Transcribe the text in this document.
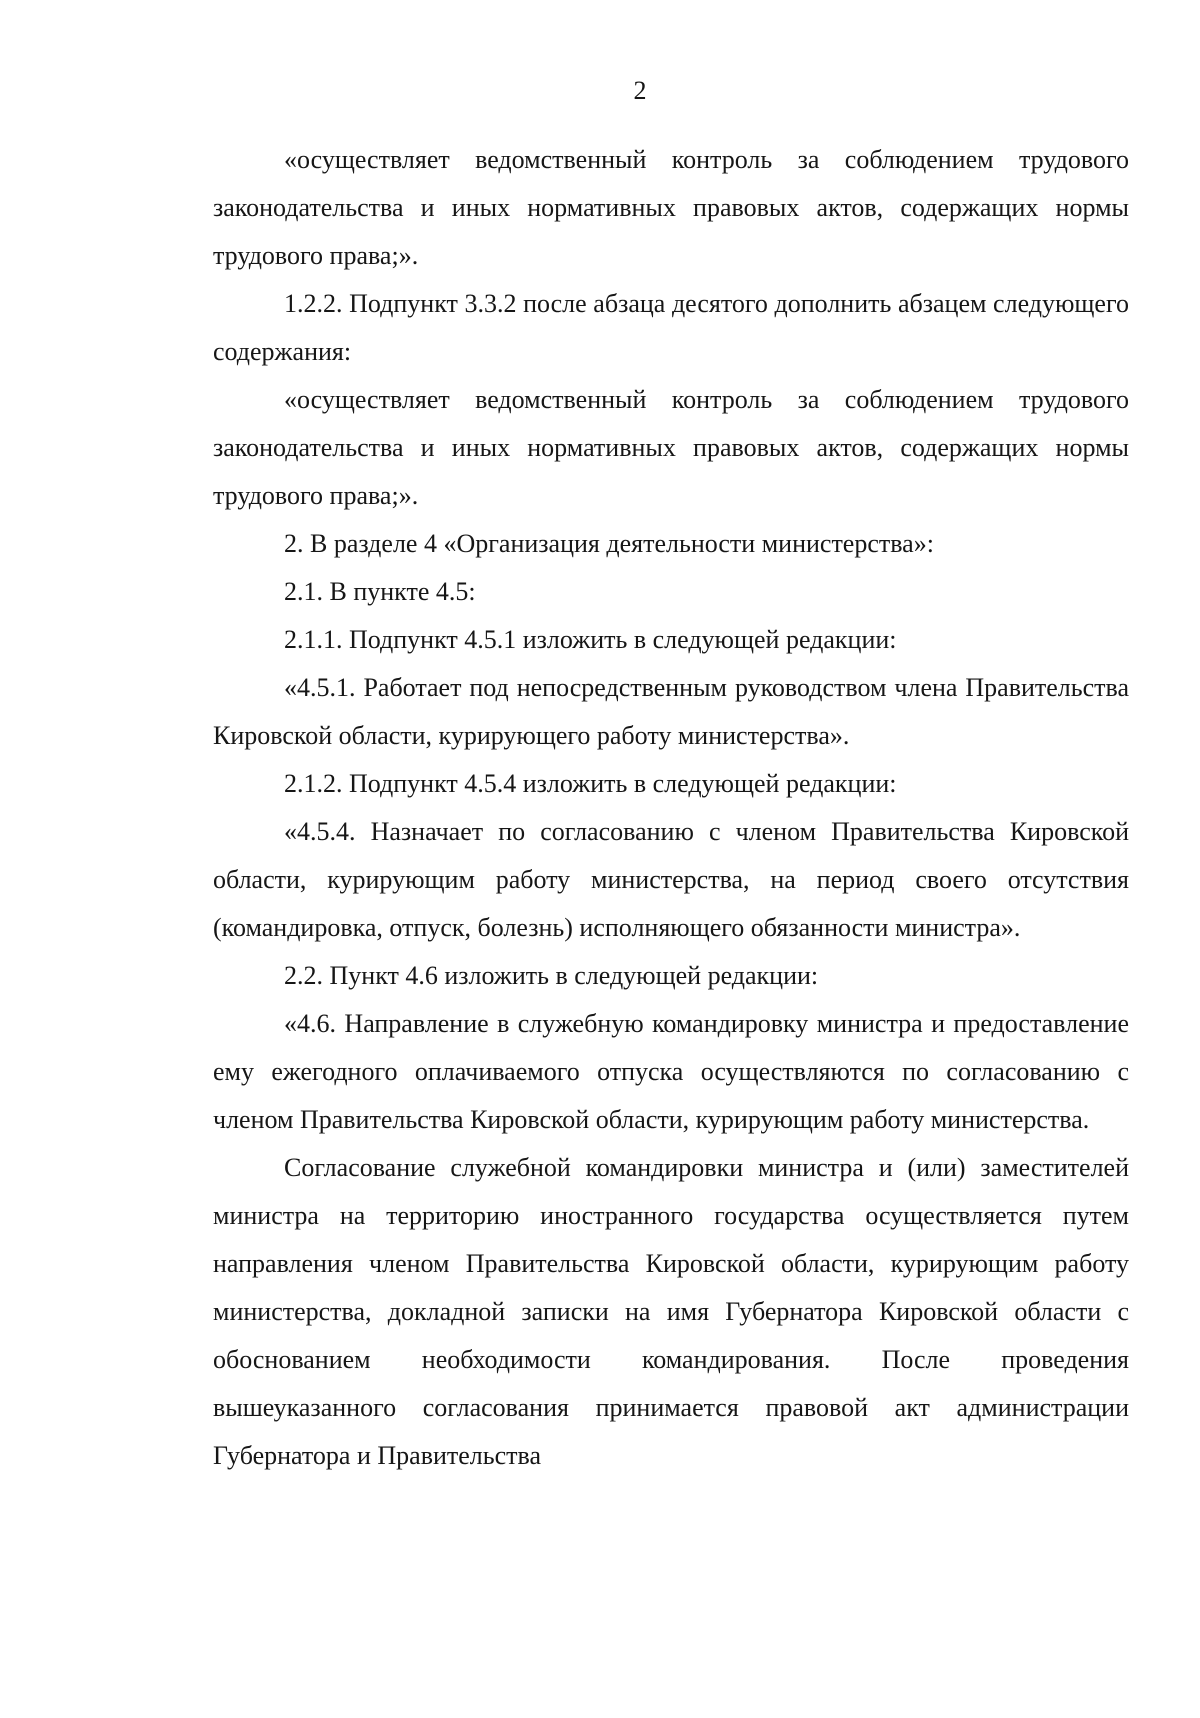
2

«осуществляет ведомственный контроль за соблюдением трудового законодательства и иных нормативных правовых актов, содержащих нормы трудового права;».

1.2.2. Подпункт 3.3.2 после абзаца десятого дополнить абзацем следующего содержания:

«осуществляет ведомственный контроль за соблюдением трудового законодательства и иных нормативных правовых актов, содержащих нормы трудового права;».

2. В разделе 4 «Организация деятельности министерства»:

2.1. В пункте 4.5:

2.1.1. Подпункт 4.5.1 изложить в следующей редакции:

«4.5.1. Работает под непосредственным руководством члена Правительства Кировской области, курирующего работу министерства».

2.1.2. Подпункт 4.5.4 изложить в следующей редакции:

«4.5.4. Назначает по согласованию с членом Правительства Кировской области, курирующим работу министерства, на период своего отсутствия (командировка, отпуск, болезнь) исполняющего обязанности министра».

2.2. Пункт 4.6 изложить в следующей редакции:

«4.6. Направление в служебную командировку министра и предоставление ему ежегодного оплачиваемого отпуска осуществляются по согласованию с членом Правительства Кировской области, курирующим работу министерства.

Согласование служебной командировки министра и (или) заместителей министра на территорию иностранного государства осуществляется путем направления членом Правительства Кировской области, курирующим работу министерства, докладной записки на имя Губернатора Кировской области с обоснованием необходимости командирования. После проведения вышеуказанного согласования принимается правовой акт администрации Губернатора и Правительства
